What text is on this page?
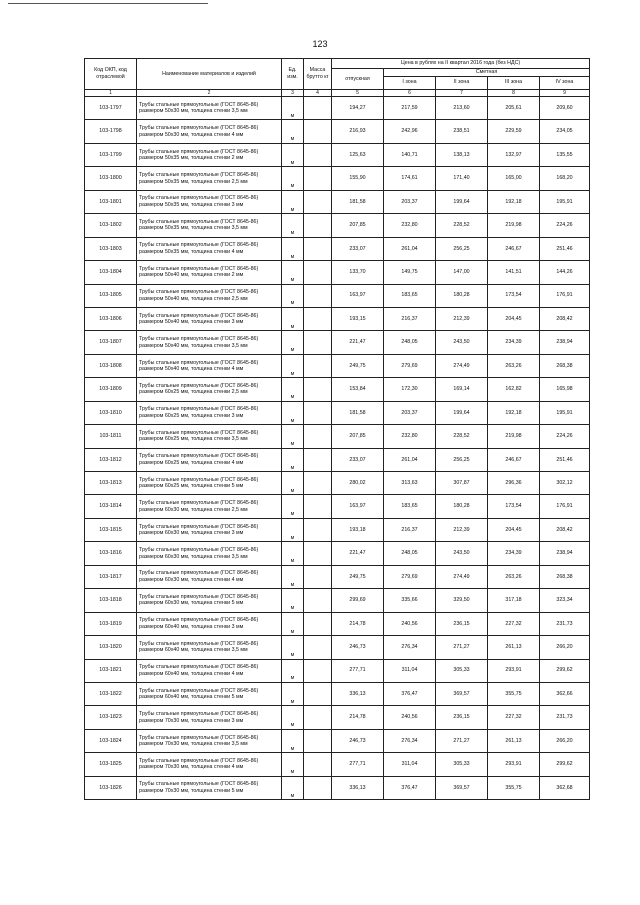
123
Код ОКП, код отраслевой	Наименование материалов и изделий	Ед. изм.	Масса брутто кг	Цена в рублях на II квартал 2016 года (без НДС)				
				отпускная	Сметная			
					I зона	II зона	III зона	IV зона
1	2	3	4	5	6	7	8	9
103-1797	Трубы стальные прямоугольные (ГОСТ 8645-86) размером 50х30 мм, толщина стенки 3,5 мм	м		194,27	217,59	213,60	205,61	209,60
103-1798	Трубы стальные прямоугольные (ГОСТ 8645-86) размером 50х30 мм, толщина стенки 4 мм	м		216,93	242,96	238,51	229,59	234,05
103-1799	Трубы стальные прямоугольные (ГОСТ 8645-86) размером 50х35 мм, толщина стенки 2 мм	м		125,63	140,71	138,13	132,97	135,55
103-1800	Трубы стальные прямоугольные (ГОСТ 8645-86) размером 50х35 мм, толщина стенки 2,5 мм	м		155,90	174,61	171,40	165,00	168,20
103-1801	Трубы стальные прямоугольные (ГОСТ 8645-86) размером 50х35 мм, толщина стенки 3 мм	м		181,58	203,37	199,64	192,18	195,91
103-1802	Трубы стальные прямоугольные (ГОСТ 8645-86) размером 50х35 мм, толщина стенки 3,5 мм	м		207,85	232,80	228,52	219,98	224,26
103-1803	Трубы стальные прямоугольные (ГОСТ 8645-86) размером 50х35 мм, толщина стенки 4 мм	м		233,07	261,04	256,25	246,67	251,46
103-1804	Трубы стальные прямоугольные (ГОСТ 8645-86) размером 50х40 мм, толщина стенки 2 мм	м		133,70	149,75	147,00	141,51	144,26
103-1805	Трубы стальные прямоугольные (ГОСТ 8645-86) размером 50х40 мм, толщина стенки 2,5 мм	м		163,97	183,65	180,28	173,54	176,91
103-1806	Трубы стальные прямоугольные (ГОСТ 8645-86) размером 50х40 мм, толщина стенки 3 мм	м		193,15	216,37	212,39	204,45	208,42
103-1807	Трубы стальные прямоугольные (ГОСТ 8645-86) размером 50х40 мм, толщина стенки 3,5 мм	м		221,47	248,05	243,50	234,39	238,94
103-1808	Трубы стальные прямоугольные (ГОСТ 8645-86) размером 50х40 мм, толщина стенки 4 мм	м		249,75	279,69	274,49	263,26	268,38
103-1809	Трубы стальные прямоугольные (ГОСТ 8645-86) размером 60х25 мм, толщина стенки 2,5 мм	м		153,84	172,30	169,14	162,82	165,98
103-1810	Трубы стальные прямоугольные (ГОСТ 8645-86) размером 60х25 мм, толщина стенки 3 мм	м		181,58	203,37	199,64	192,18	195,91
103-1811	Трубы стальные прямоугольные (ГОСТ 8645-86) размером 60х25 мм, толщина стенки 3,5 мм	м		207,85	232,80	228,52	219,98	224,26
103-1812	Трубы стальные прямоугольные (ГОСТ 8645-86) размером 60х25 мм, толщина стенки 4 мм	м		233,07	261,04	256,25	246,67	251,46
103-1813	Трубы стальные прямоугольные (ГОСТ 8645-86) размером 60х25 мм, толщина стенки 5 мм	м		280,02	313,63	307,87	296,36	302,12
103-1814	Трубы стальные прямоугольные (ГОСТ 8645-86) размером 60х30 мм, толщина стенки 2,5 мм	м		163,97	183,65	180,28	173,54	176,91
103-1815	Трубы стальные прямоугольные (ГОСТ 8645-86) размером 60х30 мм, толщина стенки 3 мм	м		193,18	216,37	212,39	204,45	208,42
103-1816	Трубы стальные прямоугольные (ГОСТ 8645-86) размером 60х30 мм, толщина стенки 3,5 мм	м		221,47	248,05	243,50	234,39	238,94
103-1817	Трубы стальные прямоугольные (ГОСТ 8645-86) размером 60х30 мм, толщина стенки 4 мм	м		249,75	279,69	274,49	263,26	268,38
103-1818	Трубы стальные прямоугольные (ГОСТ 8645-86) размером 60х30 мм, толщина стенки 5 мм	м		299,69	335,66	329,50	317,18	323,34
103-1819	Трубы стальные прямоугольные (ГОСТ 8645-86) размером 60х40 мм, толщина стенки 3 мм	м		214,78	240,56	236,15	227,32	231,73
103-1820	Трубы стальные прямоугольные (ГОСТ 8645-86) размером 60х40 мм, толщина стенки 3,5 мм	м		246,73	276,34	271,27	261,13	266,20
103-1821	Трубы стальные прямоугольные (ГОСТ 8645-86) размером 60х40 мм, толщина стенки 4 мм	м		277,71	311,04	305,33	293,91	299,62
103-1822	Трубы стальные прямоугольные (ГОСТ 8645-86) размером 60х40 мм, толщина стенки 5 мм	м		336,13	376,47	369,57	355,75	362,66
103-1823	Трубы стальные прямоугольные (ГОСТ 8645-86) размером 70х30 мм, толщина стенки 3 мм	м		214,78	240,56	236,15	227,32	231,73
103-1824	Трубы стальные прямоугольные (ГОСТ 8645-86) размером 70х30 мм, толщина стенки 3,5 мм	м		246,73	276,34	271,27	261,13	266,20
103-1825	Трубы стальные прямоугольные (ГОСТ 8645-86) размером 70х30 мм, толщина стенки 4 мм	м		277,71	311,04	305,33	293,91	299,62
103-1826	Трубы стальные прямоугольные (ГОСТ 8645-86) размером 70х30 мм, толщина стенки 5 мм	м		336,13	376,47	369,57	355,75	362,68
